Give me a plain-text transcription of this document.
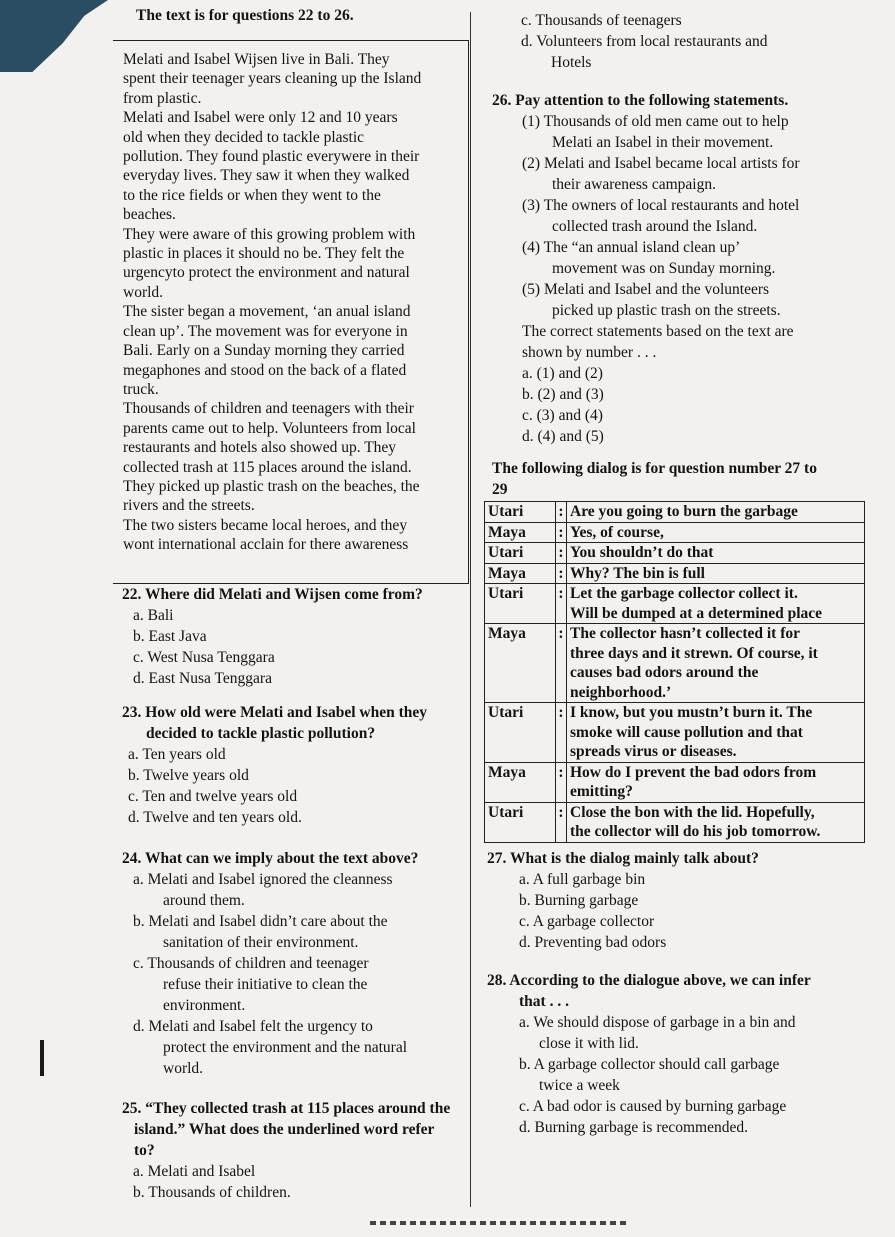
The text is for questions 22 to 26.

Melati and Isabel Wijsen live in Bali. They
spent their teenager years cleaning up the Island
from plastic.

Melati and Isabel were only 12 and 10 years
old when they decided to tackle plastic
pollution. They found plastic everywere in their
everyday lives. They saw it when they walked
to the rice fields or when they went to the
beaches.

They were aware of this growing problem with
plastic in places it should no be. They felt the
urgencyto protect the environment and natural
world.

The sister began a movement, ‘an anual island
clean up’. The movement was for everyone in
Bali. Early on a Sunday morning they carried
megaphones and stood on the back of a flated
truck.

Thousands of children and teenagers with their
parents came out to help. Volunteers from local
restaurants and hotels also showed up. They
collected trash at 115 places around the island.
They picked up plastic trash on the beaches, the
rivers and the streets.

The two sisters became local heroes, and they
wont international acclain for there awareness

22. Where did Melati and Wijsen come from?
a. Bali
b. East Java
c. West Nusa Tenggara
d. East Nusa Tenggara
23. How old were Melati and Isabel when they
decided to tackle plastic pollution?
a. Ten years old
b. Twelve years old
c. Ten and twelve years old
d. Twelve and ten years old.
24. What can we imply about the text above?
a. Melati and Isabel ignored the cleanness
around them.
b. Melati and Isabel didn’t care about the
sanitation of their environment.
c. Thousands of children and teenager
refuse their initiative to clean the
environment.
d. Melati and Isabel felt the urgency to
protect the environment and the natural
world.
25. “They collected trash at 115 places around the
island.” What does the underlined word refer
to?
a. Melati and Isabel
b. Thousands of children.
c. Thousands of teenagers
d. Volunteers from local restaurants and
Hotels
26. Pay attention to the following statements.
(1) Thousands of old men came out to help
Melati an Isabel in their movement.
(2) Melati and Isabel became local artists for
their awareness campaign.
(3) The owners of local restaurants and hotel
collected trash around the Island.
(4) The “an annual island clean up’
movement was on Sunday morning.
(5) Melati and Isabel and the volunteers
picked up plastic trash on the streets.
The correct statements based on the text are
shown by number . . .
a. (1) and (2)
b. (2) and (3)
c. (3) and (4)
d. (4) and (5)
The following dialog is for question number 27 to
29
Utari	:	Are you going to burn the garbage

Maya	:	Yes, of course,

Utari	:	You shouldn’t do that

Maya	:	Why? The bin is full

Utari	:	Let the garbage collector collect it.
Will be dumped at a determined place

Maya	:	The collector hasn’t collected it for
three days and it strewn. Of course, it
causes bad odors around the
neighborhood.’

Utari	:	I know, but you mustn’t burn it. The
smoke will cause pollution and that
spreads virus or diseases.

Maya	:	How do I prevent the bad odors from
emitting?

Utari	:	Close the bon with the lid. Hopefully,
the collector will do his job tomorrow.
27. What is the dialog mainly talk about?
a. A full garbage bin
b. Burning garbage
c. A garbage collector
d. Preventing bad odors
28. According to the dialogue above, we can infer
that . . .
a. We should dispose of garbage in a bin and
close it with lid.
b. A garbage collector should call garbage
twice a week
c. A bad odor is caused by burning garbage
d. Burning garbage is recommended.
